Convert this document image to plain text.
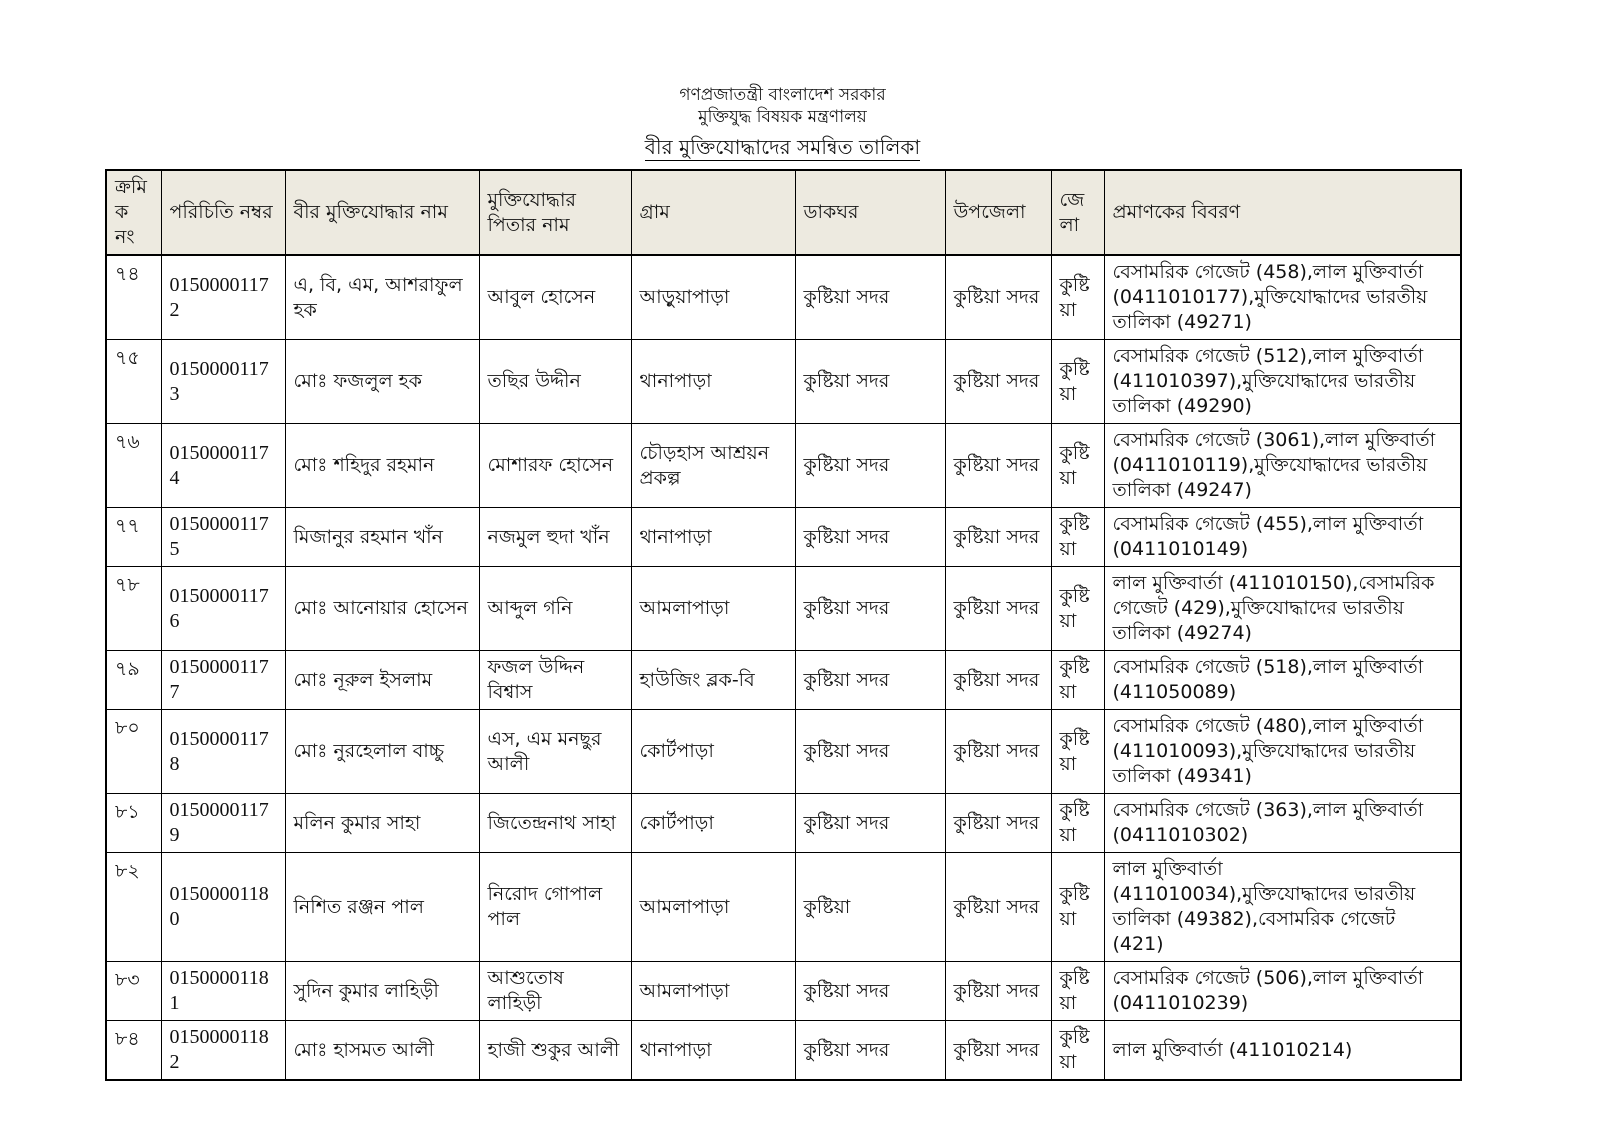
গণপ্রজাতন্ত্রী বাংলাদেশ সরকার
মুক্তিযুদ্ধ বিষয়ক মন্ত্রণালয়
বীর মুক্তিযোদ্ধাদের সমন্বিত তালিকা
ক্রমিক নং	পরিচিতি নম্বর	বীর মুক্তিযোদ্ধার নাম	মুক্তিযোদ্ধার পিতার নাম	গ্রাম	ডাকঘর	উপজেলা	জেলা	প্রমাণকের বিবরণ
৭৪	01500001172	এ, বি, এম, আশরাফুল হক	আবুল হোসেন	আড়ুয়াপাড়া	কুষ্টিয়া সদর	কুষ্টিয়া সদর	কুষ্টিয়া	বেসামরিক গেজেট (458),লাল মুক্তিবার্তা (0411010177),মুক্তিযোদ্ধাদের ভারতীয় তালিকা (49271)
৭৫	01500001173	মোঃ ফজলুল হক	তছির উদ্দীন	থানাপাড়া	কুষ্টিয়া সদর	কুষ্টিয়া সদর	কুষ্টিয়া	বেসামরিক গেজেট (512),লাল মুক্তিবার্তা (411010397),মুক্তিযোদ্ধাদের ভারতীয় তালিকা (49290)
৭৬	01500001174	মোঃ শহিদুর রহমান	মোশারফ হোসেন	চৌড়হাস আশ্রয়ন প্রকল্প	কুষ্টিয়া সদর	কুষ্টিয়া সদর	কুষ্টিয়া	বেসামরিক গেজেট (3061),লাল মুক্তিবার্তা (0411010119),মুক্তিযোদ্ধাদের ভারতীয় তালিকা (49247)
৭৭	01500001175	মিজানুর রহমান খাঁন	নজমুল হুদা খাঁন	থানাপাড়া	কুষ্টিয়া সদর	কুষ্টিয়া সদর	কুষ্টিয়া	বেসামরিক গেজেট (455),লাল মুক্তিবার্তা (0411010149)
৭৮	01500001176	মোঃ আনোয়ার হোসেন	আব্দুল গনি	আমলাপাড়া	কুষ্টিয়া সদর	কুষ্টিয়া সদর	কুষ্টিয়া	লাল মুক্তিবার্তা (411010150),বেসামরিক গেজেট (429),মুক্তিযোদ্ধাদের ভারতীয় তালিকা (49274)
৭৯	01500001177	মোঃ নূরুল ইসলাম	ফজল উদ্দিন বিশ্বাস	হাউজিং ব্লক-বি	কুষ্টিয়া সদর	কুষ্টিয়া সদর	কুষ্টিয়া	বেসামরিক গেজেট (518),লাল মুক্তিবার্তা (411050089)
৮০	01500001178	মোঃ নুরহেলাল বাচ্চু	এস, এম মনছুর আলী	কোর্টপাড়া	কুষ্টিয়া সদর	কুষ্টিয়া সদর	কুষ্টিয়া	বেসামরিক গেজেট (480),লাল মুক্তিবার্তা (411010093),মুক্তিযোদ্ধাদের ভারতীয় তালিকা (49341)
৮১	01500001179	মলিন কুমার সাহা	জিতেন্দ্রনাথ সাহা	কোর্টপাড়া	কুষ্টিয়া সদর	কুষ্টিয়া সদর	কুষ্টিয়া	বেসামরিক গেজেট (363),লাল মুক্তিবার্তা (0411010302)
৮২	01500001180	নিশিত রঞ্জন পাল	নিরোদ গোপাল পাল	আমলাপাড়া	কুষ্টিয়া	কুষ্টিয়া সদর	কুষ্টিয়া	লাল মুক্তিবার্তা (411010034),মুক্তিযোদ্ধাদের ভারতীয় তালিকা (49382),বেসামরিক গেজেট (421)
৮৩	01500001181	সুদিন কুমার লাহিড়ী	আশুতোষ লাহিড়ী	আমলাপাড়া	কুষ্টিয়া সদর	কুষ্টিয়া সদর	কুষ্টিয়া	বেসামরিক গেজেট (506),লাল মুক্তিবার্তা (0411010239)
৮৪	01500001182	মোঃ হাসমত আলী	হাজী শুকুর আলী	থানাপাড়া	কুষ্টিয়া সদর	কুষ্টিয়া সদর	কুষ্টিয়া	লাল মুক্তিবার্তা (411010214)
